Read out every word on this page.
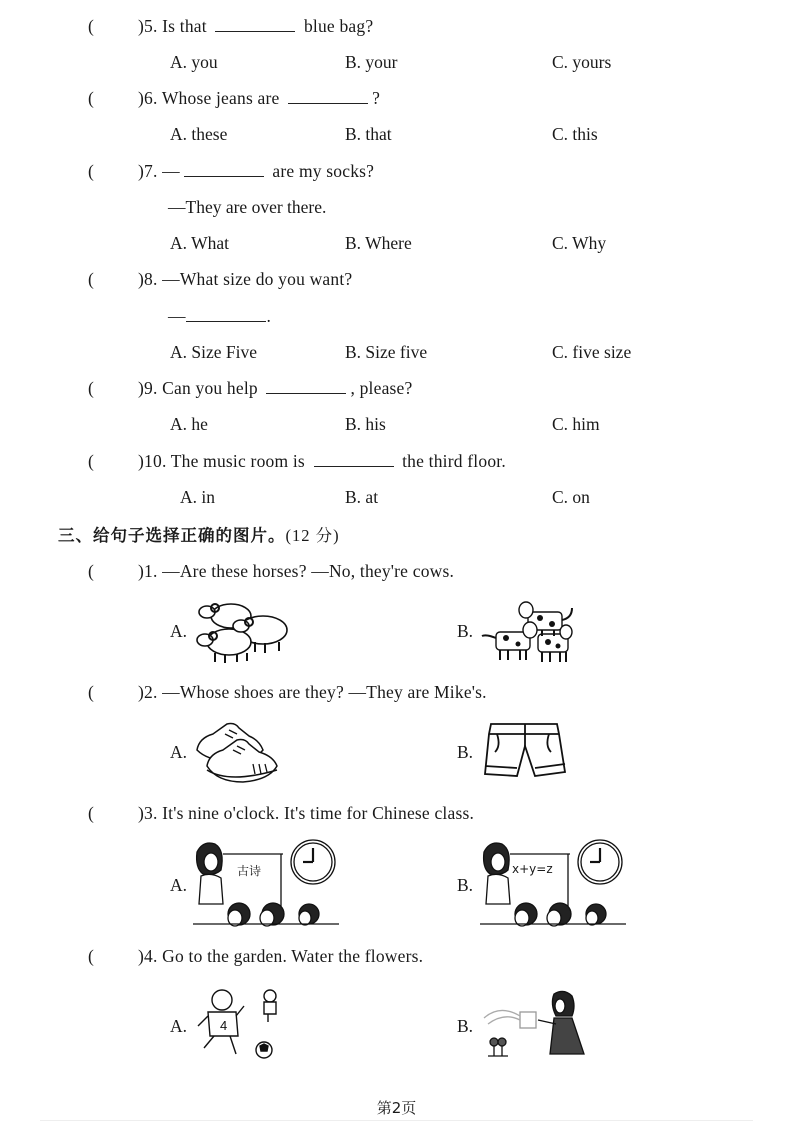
(	)5. Is that	blue bag?
A. you	B. your	C. yours
(	)6. Whose jeans are	?
A. these	B. that	C. this
(	)7. —	are my socks?
—They are over there.
A. What	B. Where	C. Why
(	)8. —What size do you want?
—	.
A. Size Five	B. Size five	C. five size
(	)9. Can you help	, please?
A. he	B. his	C. him
(	)10. The music room is	the third floor.
A. in	B. at	C. on
三、给句子选择正确的图片。(12 分)
(	)1. —Are these horses? —No, they're cows.
A.	B.
(	)2. —Whose shoes are they? —They are Mike's.
A.	B.
(	)3. It's nine o'clock. It's time for Chinese class.
A.
古诗
B.
x+y=z
(	)4. Go to the garden. Water the flowers.
A.	4	B.
第2页
